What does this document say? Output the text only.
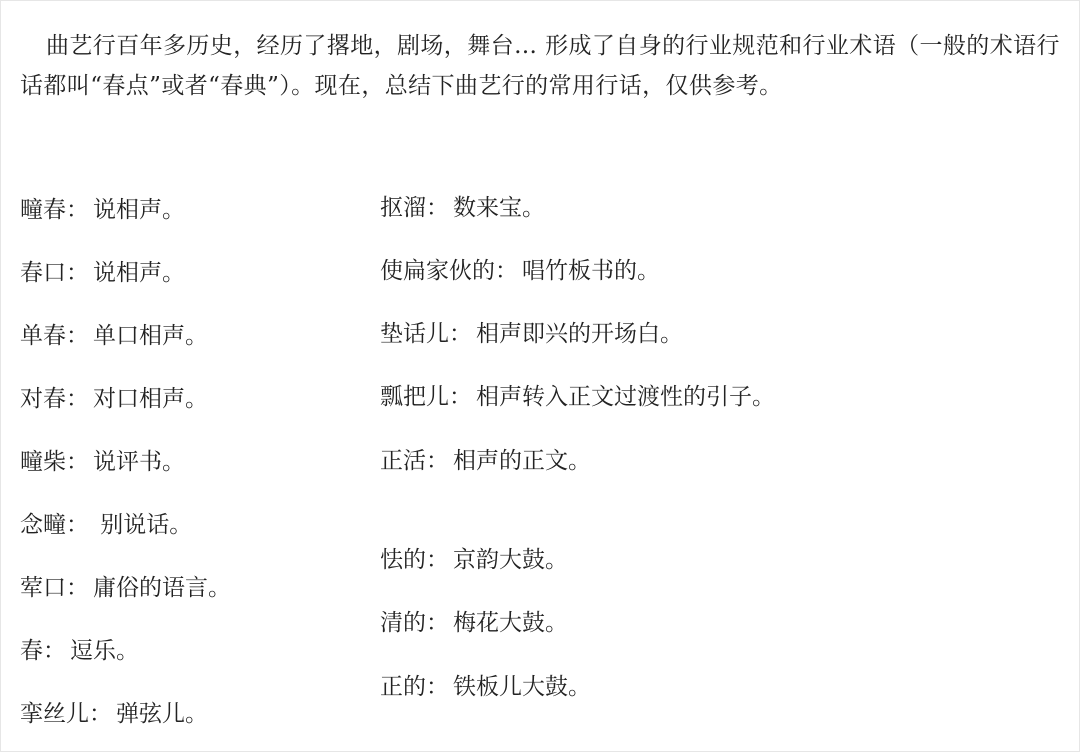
曲艺行百年多历史，经历了撂地，剧场，舞台… 形成了自身的行业规范和行业术语（一般的术语行话都叫“春点”或者“春典”）。现在，总结下曲艺行的常用行话，仅供参考。

疃春： 说相声。
春口： 说相声。
单春： 单口相声。
对春： 对口相声。
疃柴： 说评书。
念疃： 别说话。
荤口： 庸俗的语言。
春： 逗乐。
挛丝儿： 弹弦儿。
抠溜： 数来宝。
使扁家伙的： 唱竹板书的。
垫话儿： 相声即兴的开场白。
瓢把儿： 相声转入正文过渡性的引子。
正活： 相声的正文。
怯的： 京韵大鼓。
清的： 梅花大鼓。
正的： 铁板儿大鼓。
